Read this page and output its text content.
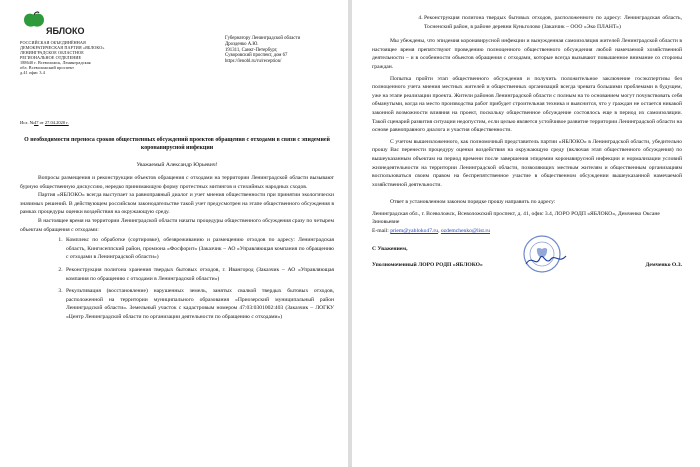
ЯБЛОКО
РОССИЙСКАЯ ОБЪЕДИНЁННАЯ
ДЕМОКРАТИЧЕСКАЯ ПАРТИЯ «ЯБЛОКО»
ЛЕНИНГРАДСКОЕ ОБЛАСТНОЕ
РЕГИОНАЛЬНОЕ ОТДЕЛЕНИЕ
188640 г. Всеволожск, Ленинградская
обл. Всеволожский проспект
д.41 офис 3.4
Губернатору Ленинградской области
Дрозденко А.Ю.
191311, Санкт-Петербург,
Суворовский проспект, дом 67
https://lenobl.ru/ru/reception/
Исх. №47 от 27.04.2020 г.
О необходимости переноса сроков общественных обсуждений проектов обращения с отходами в связи с эпидемией коронавирусной инфекции
Уважаемый Александр Юрьевич!

Вопросы размещения и реконструкции объектов обращения с отходами на территории Ленинградской области вызывают бурную общественную дискуссию, нередко принимающую форму протестных митингов и стихийных народных сходов.

Партия «ЯБЛОКО» всегда выступает за равноправный диалог и учет мнения общественности при принятии экологически значимых решений. В действующем российском законодательстве такой учет предусмотрен на этапе общественного обсуждения в рамках процедуры оценки воздействия на окружающую среду.

В настоящее время на территории Ленинградской области начаты процедуры общественного обсуждения сразу по четырем объектам обращения с отходами:

1. Комплекс по обработке (сортировке), обезвреживанию и размещению отходов по адресу: Ленинградская область, Кингисеппский район, промзона «Фосфорит» (Заказчик – АО «Управляющая компания по обращению с отходами в Ленинградской области»)
2. Реконструкция полигона хранения твердых бытовых отходов, г. Ивангород (Заказчик – АО «Управляющая компания по обращению с отходами в Ленинградской области»)
3. Рекультивация (восстановление) нарушенных земель, занятых свалкой твердых бытовых отходов, расположенной на территории муниципального образования «Приозерский муниципальный район Ленинградской области». Земельный участок с кадастровым номером 47:03:0301002:403 (Заказчик – ЛОГКУ «Центр Ленинградской области по организации деятельности по обращению с отходами»)
4. Реконструкция полигона твердых бытовых отходов, расположенного по адресу: Ленинградская область, Тосненский район, в районе деревни Куньголово (Заказчик – ООО «Эко ПЛАНТ»)

Мы убеждены, что эпидемия коронавирусной инфекции и вынужденная самоизоляция жителей Ленинградской области в настоящее время препятствуют проведению полноценного общественного обсуждения любой намечаемой хозяйственной деятельности – и в особенности объектов обращения с отходами, которые всегда вызывают повышенное внимание со стороны граждан.

Попытка пройти этап общественного обсуждения и получить положительное заключение госэкспертизы без полноценного учета мнения местных жителей и общественных организаций всегда чревата большими проблемами в будущем, уже на этапе реализации проекта. Жители районов Ленинградской области с полным на то основанием могут почувствовать себя обманутыми, когда на место производства работ прибудет строительная техника и выяснится, что у граждан не остается никакой законной возможности влияния на проект, поскольку общественное обсуждение состоялось еще в период их самоизоляции. Такой сценарий развития ситуации недопустим, если целью является устойчивое развитие территории Ленинградской области на основе равноправного диалога и участия общественности.

С учетом вышеизложенного, как полномочный представитель партии «ЯБЛОКО» в Ленинградской области, убедительно прошу Вас перенести процедуру оценки воздействия на окружающую среду (включая этап общественного обсуждения) по вышеуказанным объектам на период времени после завершения эпидемии коронавирусной инфекции и нормализации условий жизнедеятельности на территории Ленинградской области, позволяющих местным жителям и общественным организациям воспользоваться своим правом на беспрепятственное участие в общественном обсуждении вышеуказанной намечаемой хозяйственной деятельности.

Ответ в установленном законом порядке прошу направить по адресу:

Ленинградская обл., г. Всеволожск, Всеволожский проспект, д. 41, офис 3.4, ЛОРО РОДП «ЯБЛОКО», Демченко Оксане Зиновьевне

E-mail: priem@yabloko47.ru, ozdemchenko@list.ru

С Уважением,
Уполномоченный ЛОРО РОДП «ЯБЛОКО»	Демченко О.З.
